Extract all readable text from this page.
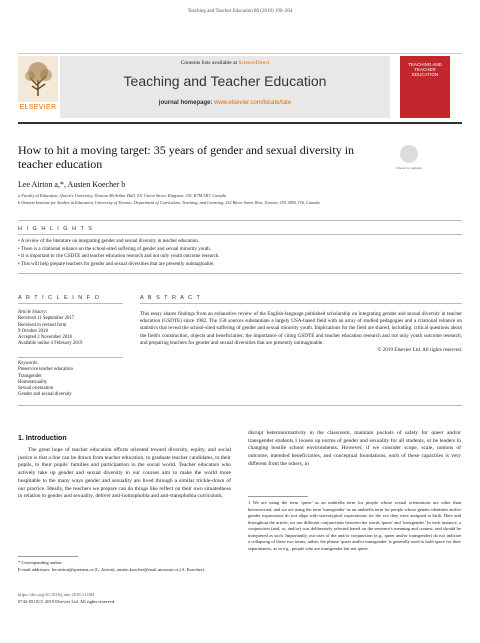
Teaching and Teacher Education 80 (2019) 190–204
ELSEVIER
Contents lists available at ScienceDirect
Teaching and Teacher Education
journal homepage: www.elsevier.com/locate/tate
TEACHING AND TEACHER EDUCATION
How to hit a moving target: 35 years of gender and sexual diversity in teacher education	Check for updates
Lee Airton a,*, Austen Koecher b
a Faculty of Education, Queen's University, Duncan McArthur Hall, 511 Union Street, Kingston, ON, K7M 5R7, Canada
b Ontario Institute for Studies in Education, University of Toronto, Department of Curriculum, Teaching, and Learning, 252 Bloor Street West, Toronto, ON, M5S 1V6, Canada
H I G H L I G H T S
• A review of the literature on integrating gender and sexual diversity in teacher education.
• There is a citational reliance on the school-sited suffering of gender and sexual minority youth.
• It is important to cite GSDTE and teacher education research and not only youth outcome research.
• This will help prepare teachers for gender and sexual diversities that are presently unimaginable.
A R T I C L E I N F O	A B S T R A C T
Article history:
Received 11 September 2017
Received in revised form
9 October 2018
Accepted 2 November 2018
Available online 4 February 2019
Keywords:
Preservice teacher education
Transgender
Homosexuality
Sexual orientation
Gender and sexual diversity
This essay shares findings from an exhaustive review of the English-language published scholarship on integrating gender and sexual diversity in teacher education (GSDTE) since 1982. The 158 sources substantiate a largely USA-based field with an array of studied pedagogies and a citational reliance on statistics that reveal the school-sited suffering of gender and sexual minority youth. Implications for the field are shared, including: critical questions about the field's construction, objects and beneficiaries; the importance of citing GSDTE and teacher education research and not only youth outcome research; and preparing teachers for gender and sexual diversities that are presently unimaginable.
© 2019 Elsevier Ltd. All rights reserved.
1. Introduction
The great hope of teacher education efforts oriented toward diversity, equity, and social justice is that a line can be drawn from teacher education, to graduate teacher candidates, to their pupils, to their pupils' families and participation in the social world. Teacher educators who actively take up gender and sexual diversity in our courses aim to make the world more hospitable to the many ways gender and sexuality are lived through a similar trickle-down of our practice. Ideally, the teachers we prepare can do things like reflect on their own situatedness in relation to gender and sexuality, deliver anti-homophobia and anti-transphobia curriculum,
disrupt heteronormativity in the classroom, maintain pockets of safety for queer and/or transgender students,1 loosen up norms of gender and sexuality for all students, or be leaders in changing hostile school environments. However, if we consider scope, scale, notions of outcome, intended beneficiaries, and conceptual foundations, each of these capacities is very different from the others, in
1 We are using the term 'queer' as an umbrella term for people whose sexual orientations are other than heterosexual, and we are using the term 'transgender' as an umbrella term for people whose gender identities and/or gender expressions do not align with stereotypical expectations for the sex they were assigned at birth. Here and throughout the article, we use different conjunctions between the words 'queer' and 'transgender.' In each instance, a conjunction (and, or, and/or) was deliberately selected based on the sentence's meaning and context, and should be interpreted as such. Importantly, our uses of the and/or conjunction (e.g., queer and/or transgender) do not indicate a collapsing of these two terms; rather, the phrase 'queer and/or transgender' is generally used to hold space for their separateness, as in e.g., people who are transgender but not queer.
* Corresponding author.
E-mail addresses: lee.airton@queensu.ca (L. Airton), austen.koecher@mail.utoronto.ca (A. Koecher).
https://doi.org/10.1016/j.tate.2018.11.004
0742-051X/© 2019 Elsevier Ltd. All rights reserved.
